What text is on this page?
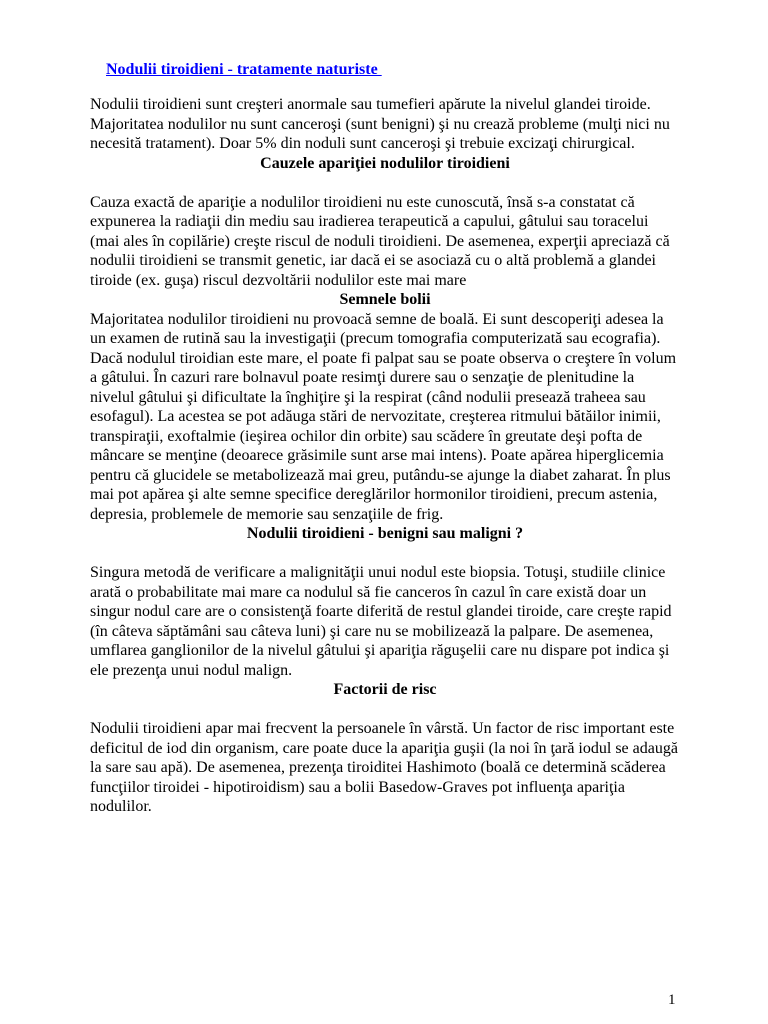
Nodulii tiroidieni - tratamente naturiste

Nodulii tiroidieni sunt creşteri anormale sau tumefieri apărute la nivelul glandei tiroide. Majoritatea nodulilor nu sunt canceroşi (sunt benigni) şi nu crează probleme (mulţi nici nu necesită tratament). Doar 5% din noduli sunt canceroşi şi trebuie excizaţi chirurgical.

Cauzele apariţiei nodulilor tiroidieni

Cauza exactă de apariţie a nodulilor tiroidieni nu este cunoscută, însă s-a constatat că expunerea la radiaţii din mediu sau iradierea terapeutică a capului, gâtului sau toracelui (mai ales în copilărie) creşte riscul de noduli tiroidieni. De asemenea, experţii apreciază că nodulii tiroidieni se transmit genetic, iar dacă ei se asociază cu o altă problemă a glandei tiroide (ex. guşa) riscul dezvoltării nodulilor este mai mare

Semnele bolii

Majoritatea nodulilor tiroidieni nu provoacă semne de boală. Ei sunt descoperiţi adesea la un examen de rutină sau la investigaţii (precum tomografia computerizată sau ecografia).

Dacă nodulul tiroidian este mare, el poate fi palpat sau se poate observa o creştere în volum a gâtului. În cazuri rare bolnavul poate resimţi durere sau o senzaţie de plenitudine la nivelul gâtului şi dificultate la înghiţire şi la respirat (când nodulii presează traheea sau esofagul). La acestea se pot adăuga stări de nervozitate, creşterea ritmului bătăilor inimii, transpiraţii, exoftalmie (ieşirea ochilor din orbite) sau scădere în greutate deşi pofta de mâncare se menţine (deoarece grăsimile sunt arse mai intens). Poate apărea hiperglicemia pentru că glucidele se metabolizează mai greu, putându-se ajunge la diabet zaharat. În plus mai pot apărea şi alte semne specifice dereglărilor hormonilor tiroidieni, precum astenia, depresia, problemele de memorie sau senzaţiile de frig.

Nodulii tiroidieni - benigni sau maligni ?

Singura metodă de verificare a malignităţii unui nodul este biopsia. Totuşi, studiile clinice arată o probabilitate mai mare ca nodulul să fie canceros în cazul în care există doar un singur nodul care are o consistenţă foarte diferită de restul glandei tiroide, care creşte rapid (în câteva săptămâni sau câteva luni) şi care nu se mobilizează la palpare. De asemenea, umflarea ganglionilor de la nivelul gâtului şi apariţia răguşelii care nu dispare pot indica şi ele prezenţa unui nodul malign.

Factorii de risc

Nodulii tiroidieni apar mai frecvent la persoanele în vârstă. Un factor de risc important este deficitul de iod din organism, care poate duce la apariţia guşii (la noi în ţară iodul se adaugă la sare sau apă). De asemenea, prezenţa tiroiditei Hashimoto (boală ce determină scăderea funcţiilor tiroidei - hipotiroidism) sau a bolii Basedow-Graves pot influenţa apariţia nodulilor.

1
